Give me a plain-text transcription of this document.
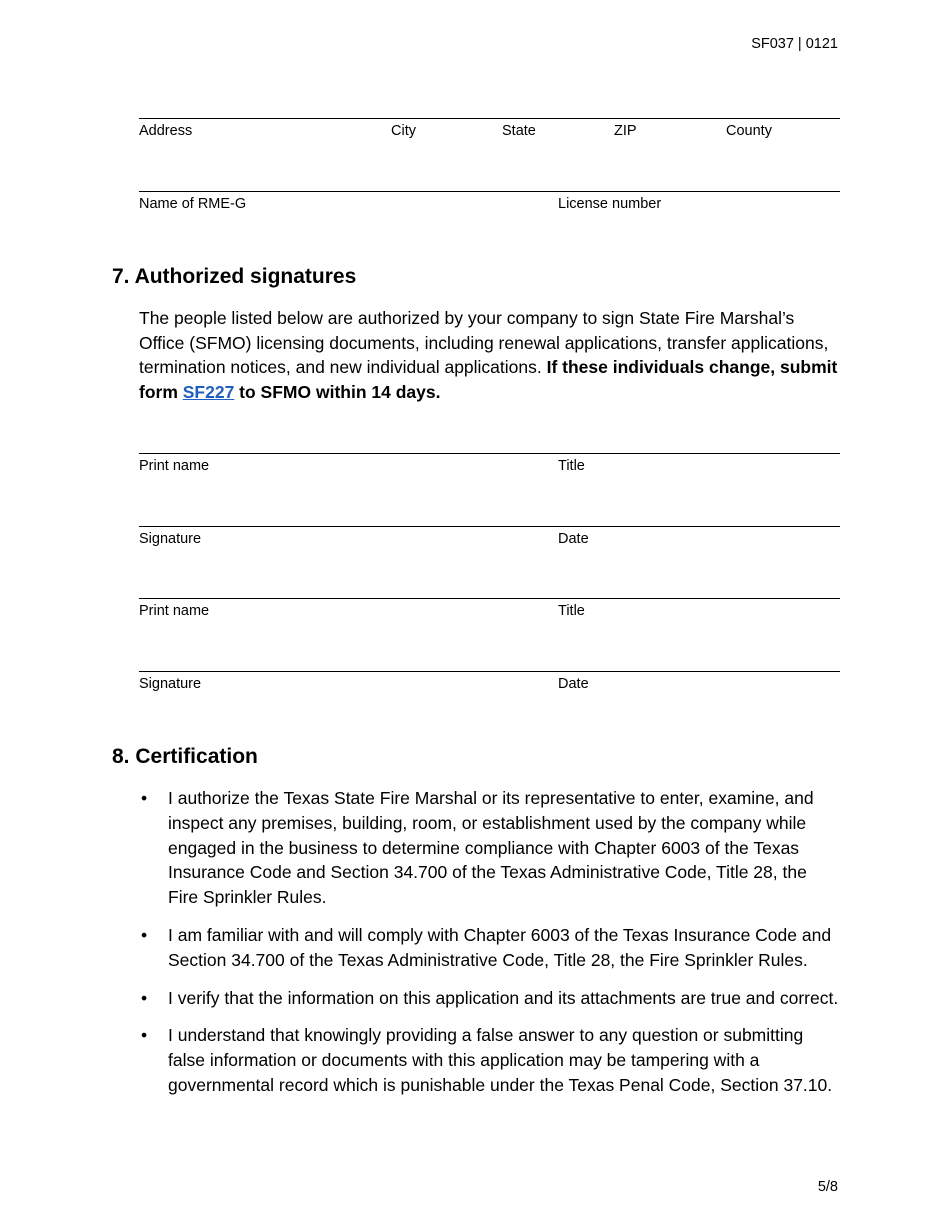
SF037 | 0121
Address	City	State	ZIP	County
Name of RME-G	License number
7. Authorized signatures

The people listed below are authorized by your company to sign State Fire Marshal’s Office (SFMO) licensing documents, including renewal applications, transfer applications, termination notices, and new individual applications. If these individuals change, submit form SF227 to SFMO within 14 days.

Print name	Title
Signature	Date
Print name	Title
Signature	Date
8. Certification
• I authorize the Texas State Fire Marshal or its representative to enter, examine, and inspect any premises, building, room, or establishment used by the company while engaged in the business to determine compliance with Chapter 6003 of the Texas Insurance Code and Section 34.700 of the Texas Administrative Code, Title 28, the Fire Sprinkler Rules.
• I am familiar with and will comply with Chapter 6003 of the Texas Insurance Code and Section 34.700 of the Texas Administrative Code, Title 28, the Fire Sprinkler Rules.
• I verify that the information on this application and its attachments are true and correct.
• I understand that knowingly providing a false answer to any question or submitting false information or documents with this application may be tampering with a governmental record which is punishable under the Texas Penal Code, Section 37.10.
5/8
